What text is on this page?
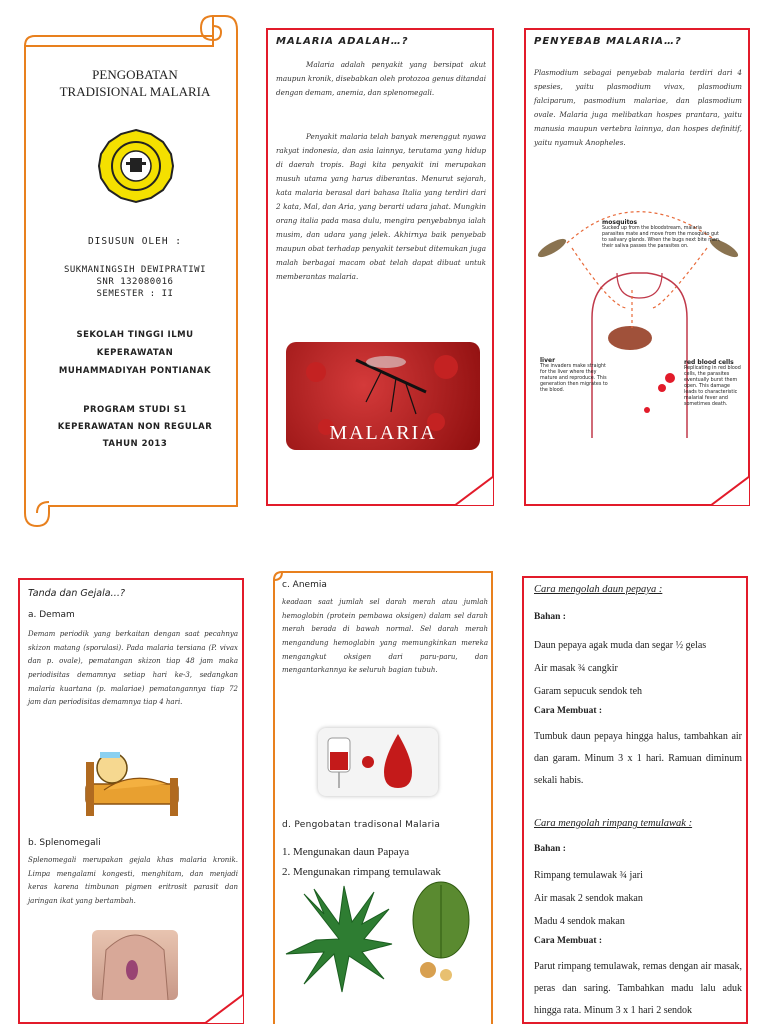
PENGOBATAN
TRADISIONAL MALARIA
DISUSUN OLEH :
SUKMANINGSIH DEWIPRATIWI
SNR 132080016
SEMESTER : II
SEKOLAH TINGGI ILMU
KEPERAWATAN
MUHAMMADIYAH PONTIANAK
PROGRAM STUDI S1
KEPERAWATAN NON REGULAR
TAHUN 2013
MALARIA ADALAH…?
Malaria adalah penyakit yang bersipat akut maupun kronik, disebabkan oleh protozoa genus ditandai dengan demam, anemia, dan splenomegali.
Penyakit malaria telah banyak merenggut nyawa rakyat indonesia, dan asia lainnya, terutama yang hidup di daerah tropis. Bagi kita penyakit ini merupakan musuh utama yang harus diberantas. Menurut sejarah, kata malaria berasal dari bahasa Italia yang terdiri dari 2 kata, Mal, dan Aria, yang berarti udara jahat. Mungkin orang italia pada masa dulu, mengira penyebabnya ialah musim, dan udara yang jelek. Akhirnya baik penyebab maupun obat terhadap penyakit tersebut ditemukan juga malah berbagai macam obat telah dapat dibuat untuk memberantas malaria.
MALARIA
PENYEBAB MALARIA…?
Plasmodium sebagai penyebab malaria terdiri dari 4 spesies, yaitu plasmodium vivax, plasmodium falciparum, pasmodium malariae, dan plasmodium ovale. Malaria juga melibatkan hospes prantara, yaitu manusia maupun vertebra lainnya, dan hospes definitif, yaitu nyamuk Anopheles.
mosquitos
Sucked up from the bloodstream, malaria parasites mate and move from the mosquito gut to salivary glands. When the bugs next bite man, their saliva passes the parasites on.
liver
The invaders make straight for the liver where they mature and reproduce. This generation then migrates to the blood.
red blood cells
Replicating in red blood cells, the parasites eventually burst them open. This damage leads to characteristic malarial fever and sometimes death.
Tanda dan Gejala…?
a. Demam
Demam periodik yang berkaitan dengan saat pecahnya skizon matang (sporulasi). Pada malaria tersiana (P. vivax dan p. ovale), pematangan skizon tiap 48 jam maka periodisitas demamnya setiap hari ke-3, sedangkan malaria kuartana (p. malariae) pematangannya tiap 72 jam dan periodisitas demamnya tiap 4 hari.
b. Splenomegali
Splenomegali merupakan gejala khas malaria kronik. Limpa mengalami kongesti, menghitam, dan menjadi keras karena timbunan pigmen eritrosit parasit dan jaringan ikat yang bertambah.
c. Anemia
keadaan saat jumlah sel darah merah atau jumlah hemoglobin (protein pembawa oksigen) dalam sel darah merah berada di bawah normal. Sel darah merah mengandung hemoglabin yang memungkinkan mereka mengangkut oksigen dari paru-paru, dan mengantarkannya ke seluruh bagian tubuh.
d. Pengobatan tradisonal Malaria
1. Mengunakan daun Papaya
2. Mengunakan rimpang temulawak
Cara mengolah daun pepaya :
Bahan :
Daun pepaya agak muda dan segar ½ gelas
Air masak ¾ cangkir
Garam sepucuk sendok teh
Cara Membuat :
Tumbuk daun pepaya hingga halus, tambahkan air dan garam. Minum 3 x 1 hari. Ramuan diminum sekali habis.
Cara mengolah rimpang temulawak :
Bahan :
Rimpang temulawak ¾ jari
Air masak 2 sendok makan
Madu 4 sendok makan
Cara Membuat :
Parut rimpang temulawak, remas dengan air masak, peras dan saring. Tambahkan madu lalu aduk hingga rata. Minum 3 x 1 hari 2 sendok
